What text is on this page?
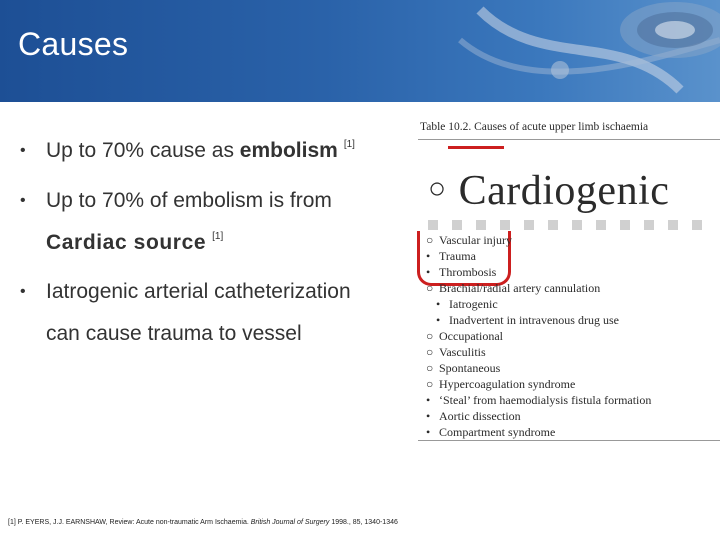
Causes
• Up to 70% cause as embolism [1]
• Up to 70% of embolism is from
Cardiac source [1]
• Iatrogenic arterial catheterization
can cause trauma to vessel
Table 10.2. Causes of acute upper limb ischaemia
○ Cardiogenic
○ Vascular injury
• Trauma
• Thrombosis
○ Brachial/radial artery cannulation
• Iatrogenic
• Inadvertent in intravenous drug use
○ Occupational
○ Vasculitis
○ Spontaneous
○ Hypercoagulation syndrome
• ‘Steal’ from haemodialysis fistula formation
• Aortic dissection
• Compartment syndrome
[1] P. EYERS, J.J. EARNSHAW, Review: Acute non-traumatic Arm Ischaemia. British Journal of Surgery 1998., 85, 1340-1346
